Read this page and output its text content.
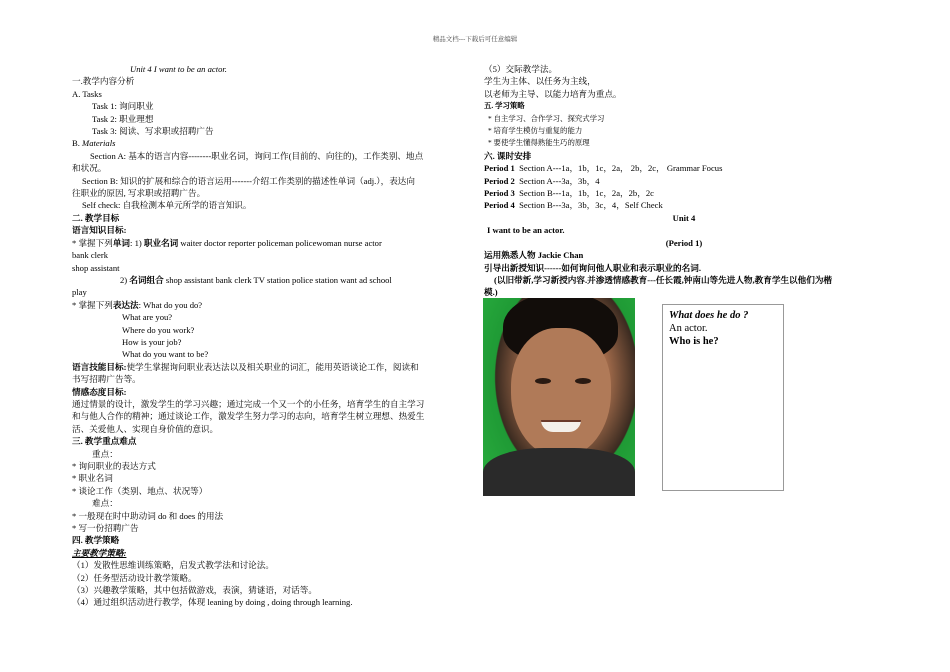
精品文档---下载后可任意编辑
Unit 4 I want to be an actor.
一.教学内容分析
A. Tasks
Task 1: 询问职业
Task 2: 职业理想
Task 3: 阅读、写求职或招聘广告
B. Materials
Section A: 基本的语言内容--------职业名词，询问工作(目前的、向往的)，工作类别、地点
和状况。
Section B: 知识的扩展和综合的语言运用-------介绍工作类别的描述性单词（adj.），表达向
往职业的原因, 写求职或招聘广告。
Self check: 自我检测本单元所学的语言知识。
二. 教学目标
语言知识目标:
* 掌握下列单词: 1) 职业名词 waiter doctor reporter policeman policewoman nurse actor
bank clerk
shop assistant
2) 名词组合 shop assistant bank clerk TV station police station want ad school
play
* 掌握下列表达法: What do you do?
What are you?
Where do you work?
How is your job?
What do you want to be?
语言技能目标:使学生掌握询问职业表达法以及相关职业的词汇，能用英语谈论工作，阅读和
书写招聘广告等。
情感态度目标:
通过情景的设计，激发学生的学习兴趣；通过完成一个又一个的小任务，培育学生的自主学习
和与他人合作的精神；通过谈论工作，激发学生努力学习的志向，培育学生树立理想、热爱生
活、关爱他人、实现自身价值的意识。
三. 教学重点难点
重点：
* 询问职业的表达方式
* 职业名词
* 谈论工作（类别、地点、状况等）
难点：
* 一般现在时中助动词 do 和 does 的用法
* 写一份招聘广告
四. 教学策略
主要教学策略:
（1）发散性思维训练策略，启发式教学法和讨论法。
（2）任务型活动设计教学策略。
（3）兴趣教学策略，其中包括做游戏，表演，猜谜语，对话等。
（4）通过组织活动进行教学，体现 leaning by doing , doing through learning.
（5）交际教学法。
学生为主体、以任务为主线，
以老师为主导、以能力培育为重点。
五. 学习策略
* 自主学习、合作学习、探究式学习
* 培育学生模仿与重复的能力
* 要使学生懂得熟能生巧的原理
六. 课时安排
Period 1 Section A---1a，1b，1c，2a， 2b，2c， Grammar Focus
Period 2 Section A---3a，3b，4
Period 3 Section B---1a，1b，1c，2a，2b，2c
Period 4 Section B---3a，3b，3c，4，Self Check
Unit 4
I want to be an actor.
(Period 1)
运用熟悉人物 Jackie Chan
引导出新授知识------如何询问他人职业和表示职业的名词.
(以旧带新,学习新授内容.并渗透情感教育---任长霞,钟南山等先进人物,教育学生以他们为楷
模.)
What does he do ?
An actor.
Who is he?
